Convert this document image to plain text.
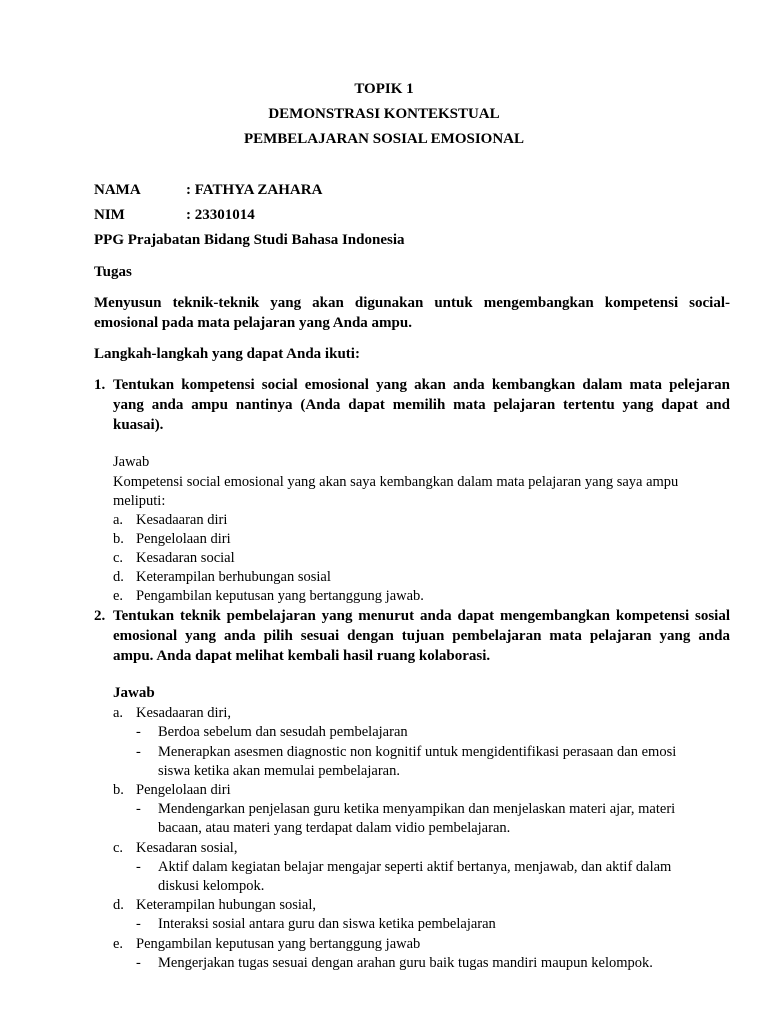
TOPIK 1

DEMONSTRASI KONTEKSTUAL

PEMBELAJARAN SOSIAL EMOSIONAL

NAMA	: FATHYA ZAHARA

NIM	: 23301014

PPG Prajabatan Bidang Studi Bahasa Indonesia

Tugas

Menyusun teknik-teknik yang akan digunakan untuk mengembangkan kompetensi social-

emosional pada mata pelajaran yang Anda ampu.

Langkah-langkah yang dapat Anda ikuti:

1. Tentukan kompetensi social emosional yang akan anda kembangkan dalam mata pelejaran

yang anda ampu nantinya (Anda dapat memilih mata pelajaran tertentu yang dapat and

kuasai).

Jawab

Kompetensi social emosional yang akan saya kembangkan dalam mata pelajaran yang saya ampu

meliputi:

a. Kesadaaran diri

b. Pengelolaan diri

c. Kesadaran social

d. Keterampilan berhubungan sosial

e. Pengambilan keputusan yang bertanggung jawab.

2. Tentukan teknik pembelajaran yang menurut anda dapat mengembangkan kompetensi sosial

emosional yang anda pilih sesuai dengan tujuan pembelajaran mata pelajaran yang anda

ampu. Anda dapat melihat kembali hasil ruang kolaborasi.

Jawab

a. Kesadaaran diri,

- Berdoa sebelum dan sesudah pembelajaran

- Menerapkan asesmen diagnostic non kognitif untuk mengidentifikasi perasaan dan emosi

siswa ketika akan memulai pembelajaran.

b. Pengelolaan diri

- Mendengarkan penjelasan guru ketika menyampikan dan menjelaskan materi ajar, materi

bacaan, atau materi yang terdapat dalam vidio pembelajaran.

c. Kesadaran sosial,

- Aktif dalam kegiatan belajar mengajar seperti aktif bertanya, menjawab, dan aktif dalam

diskusi kelompok.

d. Keterampilan hubungan sosial,

- Interaksi sosial antara guru dan siswa ketika pembelajaran

e. Pengambilan keputusan yang bertanggung jawab

- Mengerjakan tugas sesuai dengan arahan guru baik tugas mandiri maupun kelompok.
